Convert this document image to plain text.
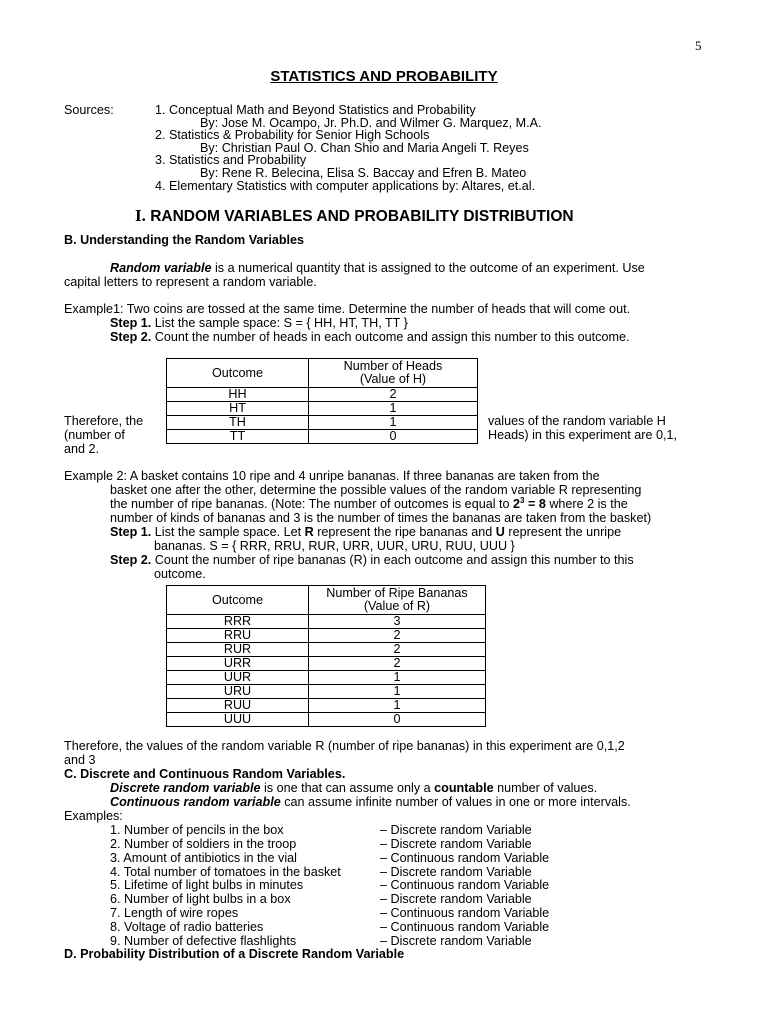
5
STATISTICS AND PROBABILITY
Sources:	1. Conceptual Math and Beyond Statistics and Probability
By: Jose M. Ocampo, Jr. Ph.D. and Wilmer G. Marquez, M.A.
2. Statistics & Probability for Senior High Schools
By: Christian Paul O. Chan Shio and Maria Angeli T. Reyes
3. Statistics and Probability
By: Rene R. Belecina, Elisa S. Baccay and Efren B. Mateo
4. Elementary Statistics with computer applications by: Altares, et.al.
I. RANDOM VARIABLES AND PROBABILITY DISTRIBUTION
B. Understanding the Random Variables
Random variable is a numerical quantity that is assigned to the outcome of an experiment. Use
capital letters to represent a random variable.
Example1: Two coins are tossed at the same time. Determine the number of heads that will come out.
Step 1. List the sample space: S = { HH, HT, TH, TT }
Step 2. Count the number of heads in each outcome and assign this number to this outcome.
Outcome	Number of Heads
(Value of H)
HH	2
HT	1
TH	1
TT	0
Therefore, the
(number of
and 2.
values of the random variable H
Heads) in this experiment are 0,1,
Example 2: A basket contains 10 ripe and 4 unripe bananas. If three bananas are taken from the
basket one after the other, determine the possible values of the random variable R representing
the number of ripe bananas. (Note: The number of outcomes is equal to $2^3 = 8$ where 2 is the
number of kinds of bananas and 3 is the number of times the bananas are taken from the basket)
Step 1. List the sample space. Let R represent the ripe bananas and U represent the unripe
bananas. S = { RRR, RRU, RUR, URR, UUR, URU, RUU, UUU }
Step 2. Count the number of ripe bananas (R) in each outcome and assign this number to this
outcome.
Outcome	Number of Ripe Bananas
(Value of R)
RRR	3
RRU	2
RUR	2
URR	2
UUR	1
URU	1
RUU	1
UUU	0
Therefore, the values of the random variable R (number of ripe bananas) in this experiment are 0,1,2
and 3
C. Discrete and Continuous Random Variables.
Discrete random variable is one that can assume only a countable number of values.
Continuous random variable can assume infinite number of values in one or more intervals.
Examples:
1. Number of pencils in the box	– Discrete random Variable
2. Number of soldiers in the troop	– Discrete random Variable
3. Amount of antibiotics in the vial	– Continuous random Variable
4. Total number of tomatoes in the basket	– Discrete random Variable
5. Lifetime of light bulbs in minutes	– Continuous random Variable
6. Number of light bulbs in a box	– Discrete random Variable
7. Length of wire ropes	– Continuous random Variable
8. Voltage of radio batteries	– Continuous random Variable
9. Number of defective flashlights	– Discrete random Variable
D. Probability Distribution of a Discrete Random Variable
